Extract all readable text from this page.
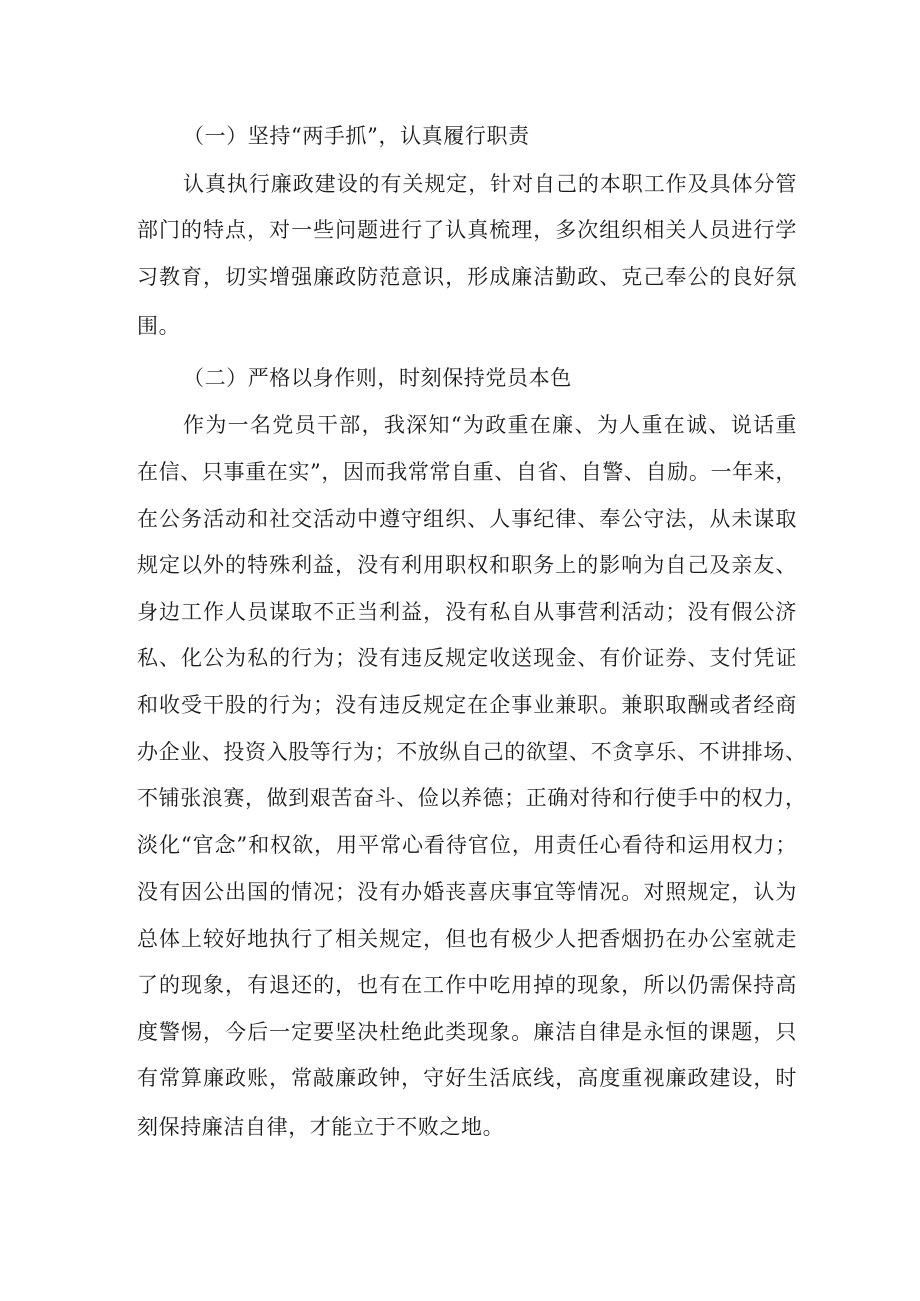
（一）坚持“两手抓”，认真履行职责
认真执行廉政建设的有关规定，针对自己的本职工作及具体分管
部门的特点，对一些问题进行了认真梳理，多次组织相关人员进行学
习教育，切实增强廉政防范意识，形成廉洁勤政、克己奉公的良好氛
围。
（二）严格以身作则，时刻保持党员本色
作为一名党员干部，我深知“为政重在廉、为人重在诚、说话重
在信、只事重在实”，因而我常常自重、自省、自警、自励。一年来，
在公务活动和社交活动中遵守组织、人事纪律、奉公守法，从未谋取
规定以外的特殊利益，没有利用职权和职务上的影响为自己及亲友、
身边工作人员谋取不正当利益，没有私自从事营利活动；没有假公济
私、化公为私的行为；没有违反规定收送现金、有价证券、支付凭证
和收受干股的行为；没有违反规定在企事业兼职。兼职取酬或者经商
办企业、投资入股等行为；不放纵自己的欲望、不贪享乐、不讲排场、
不铺张浪赛，做到艰苦奋斗、俭以养德；正确对待和行使手中的权力，
淡化“官念”和权欲，用平常心看待官位，用责任心看待和运用权力；
没有因公出国的情况；没有办婚丧喜庆事宜等情况。对照规定，认为
总体上较好地执行了相关规定，但也有极少人把香烟扔在办公室就走
了的现象，有退还的，也有在工作中吃用掉的现象，所以仍需保持高
度警惕，今后一定要坚决杜绝此类现象。廉洁自律是永恒的课题，只
有常算廉政账，常敲廉政钟，守好生活底线，高度重视廉政建设，时
刻保持廉洁自律，才能立于不败之地。
